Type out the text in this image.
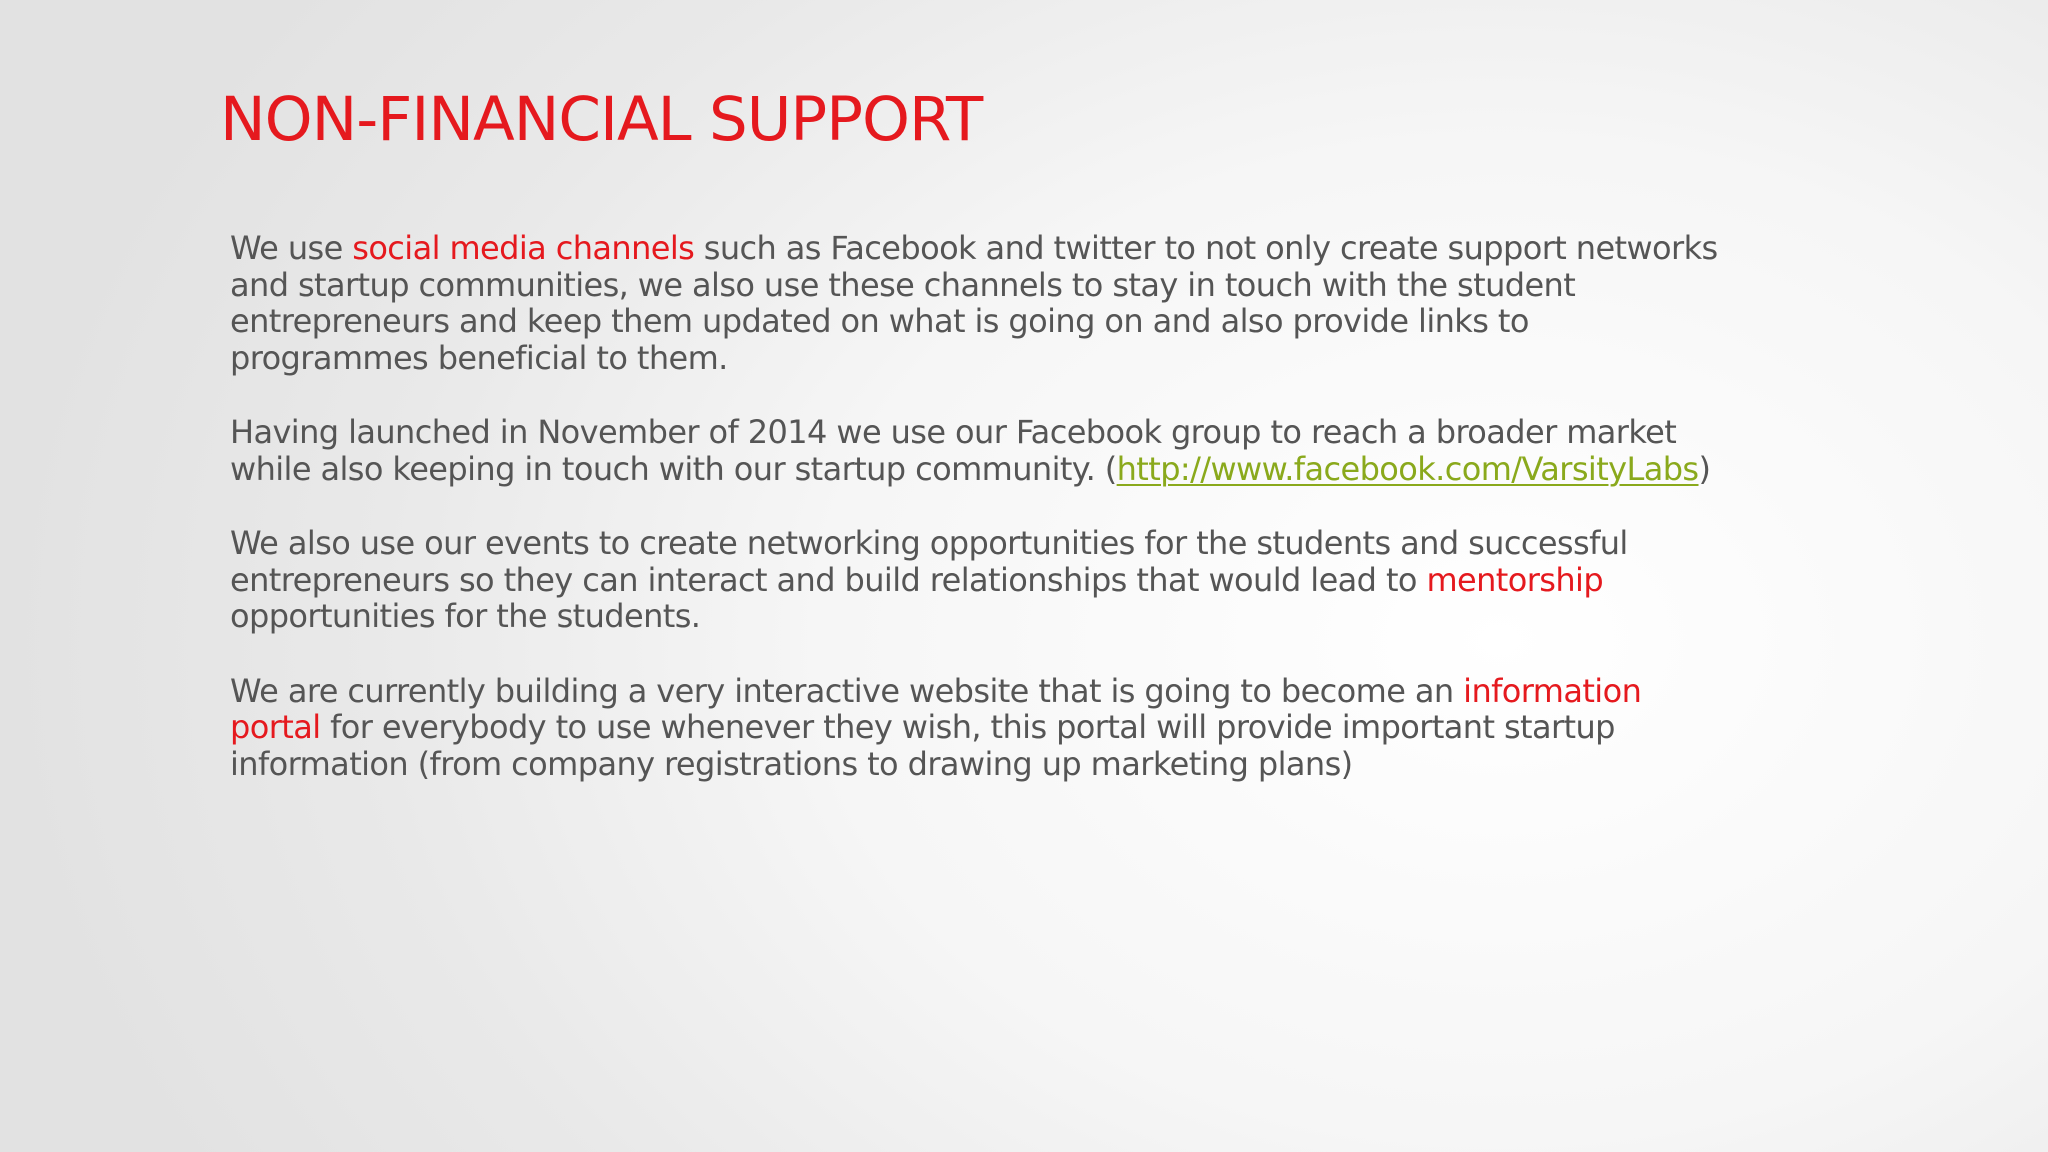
NON-FINANCIAL SUPPORT

We use social media channels such as Facebook and twitter to not only create support networks
and startup communities, we also use these channels to stay in touch with the student
entrepreneurs and keep them updated on what is going on and also provide links to
programmes beneficial to them.

Having launched in November of 2014 we use our Facebook group to reach a broader market
while also keeping in touch with our startup community. (http://www.facebook.com/VarsityLabs)

We also use our events to create networking opportunities for the students and successful
entrepreneurs so they can interact and build relationships that would lead to mentorship
opportunities for the students.

We are currently building a very interactive website that is going to become an information
portal for everybody to use whenever they wish, this portal will provide important startup
information (from company registrations to drawing up marketing plans)
